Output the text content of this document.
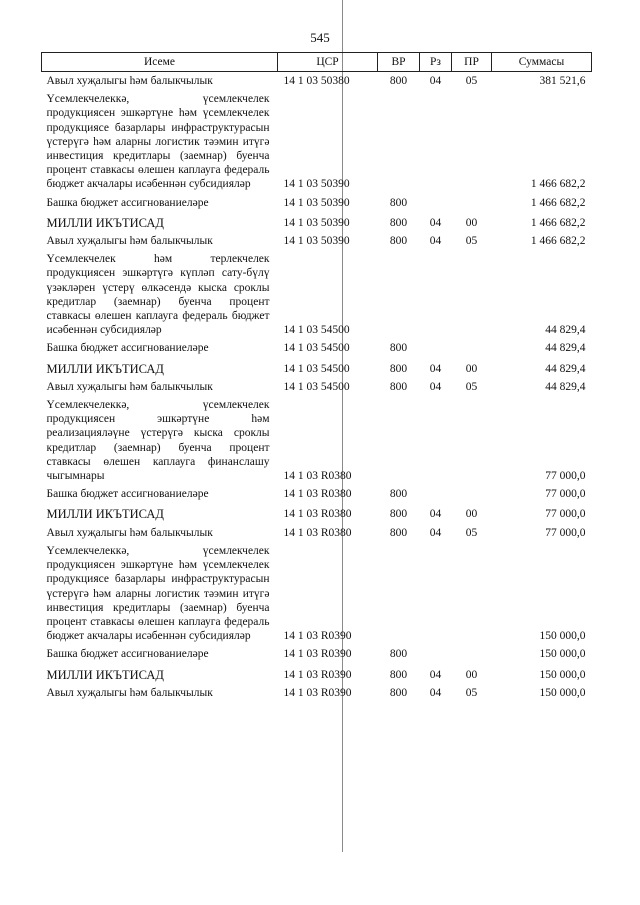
545
Исеме	ЦСР	ВР	Рз	ПР	Суммасы
Авыл хуҗалыгы һәм балыкчылык	14 1 03 50380	800	04	05	381 521,6
Үсемлекчелеккә, үсемлекчелек продукциясен эшкәртүне һәм үсемлекчелек продукциясе базарлары инфраструктурасын үстерүгә һәм аларны логистик тәэмин итүгә инвестиция кредитлары (заемнар) буенча процент ставкасы өлешен каплауга федераль бюджет акчалары исәбеннән субсидияләр	14 1 03 50390				1 466 682,2
Башка бюджет ассигнованиеләре	14 1 03 50390	800			1 466 682,2
МИЛЛИ ИКЪТИСАД	14 1 03 50390	800	04	00	1 466 682,2
Авыл хуҗалыгы һәм балыкчылык	14 1 03 50390	800	04	05	1 466 682,2
Үсемлекчелек һәм терлекчелек продукциясен эшкәртүгә күпләп сату-бүлү үзәкләрен үстерү өлкәсендә кыска сроклы кредитлар (заемнар) буенча процент ставкасы өлешен каплауга федераль бюджет исәбеннән субсидияләр	14 1 03 54500				44 829,4
Башка бюджет ассигнованиеләре	14 1 03 54500	800			44 829,4
МИЛЛИ ИКЪТИСАД	14 1 03 54500	800	04	00	44 829,4
Авыл хуҗалыгы һәм балыкчылык	14 1 03 54500	800	04	05	44 829,4
Үсемлекчелеккә, үсемлекчелек продукциясен эшкәртүне һәм реализацияләүне үстерүгә кыска сроклы кредитлар (заемнар) буенча процент ставкасы өлешен каплауга финанслашу чыгымнары	14 1 03 R0380				77 000,0
Башка бюджет ассигнованиеләре	14 1 03 R0380	800			77 000,0
МИЛЛИ ИКЪТИСАД	14 1 03 R0380	800	04	00	77 000,0
Авыл хуҗалыгы һәм балыкчылык	14 1 03 R0380	800	04	05	77 000,0
Үсемлекчелеккә, үсемлекчелек продукциясен эшкәртүне һәм үсемлекчелек продукциясе базарлары инфраструктурасын үстерүгә һәм аларны логистик тәэмин итүгә инвестиция кредитлары (заемнар) буенча процент ставкасы өлешен каплауга федераль бюджет акчалары исәбеннән субсидияләр	14 1 03 R0390				150 000,0
Башка бюджет ассигнованиеләре	14 1 03 R0390	800			150 000,0
МИЛЛИ ИКЪТИСАД	14 1 03 R0390	800	04	00	150 000,0
Авыл хуҗалыгы һәм балыкчылык	14 1 03 R0390	800	04	05	150 000,0
